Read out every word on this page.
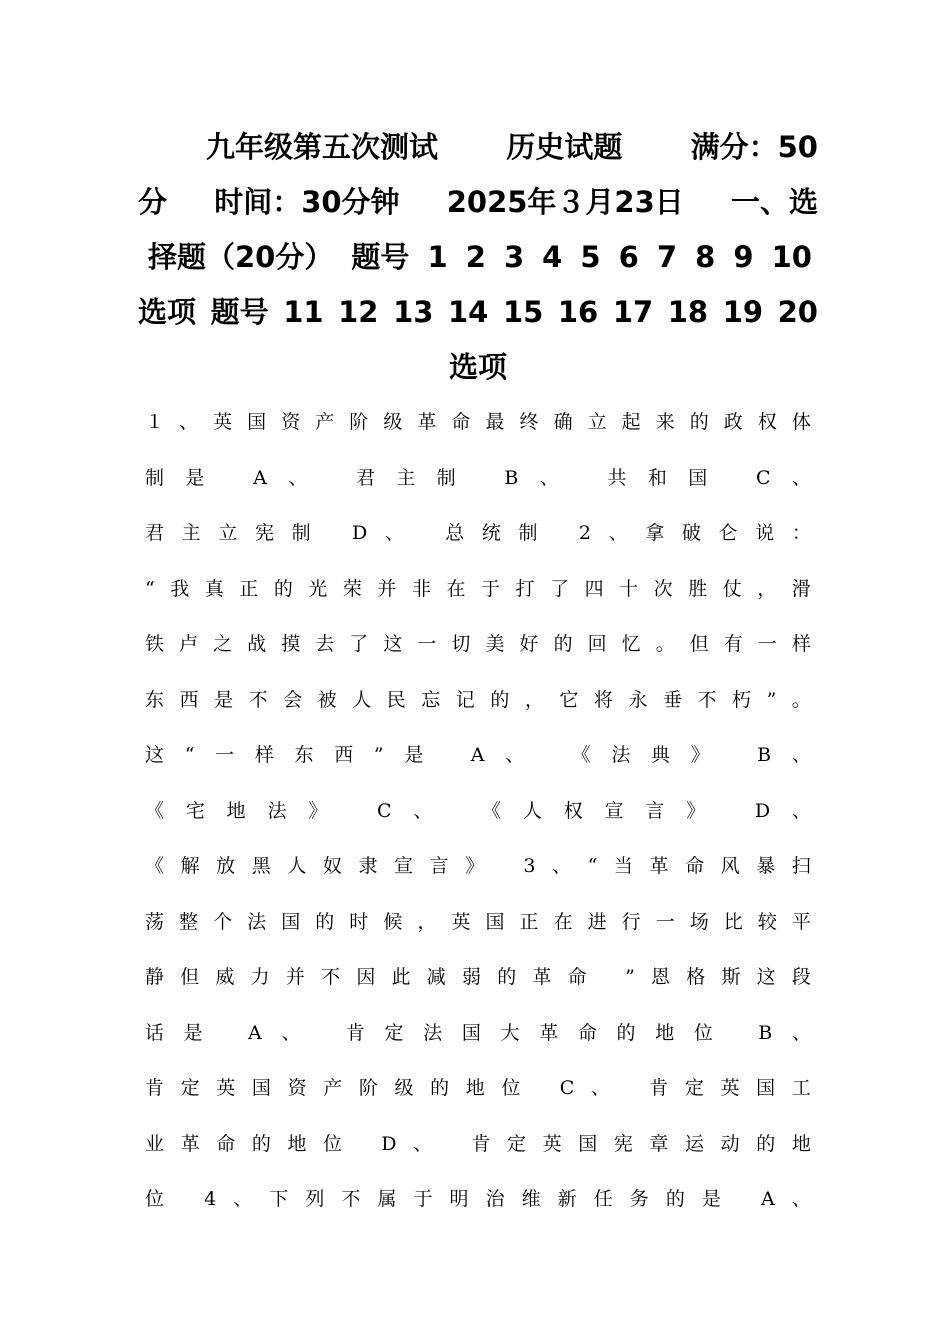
九年级第五次测试 历史试题 满分：50
分 时间：30分钟 2025年３月23日 一、选
择题（20分） 题号 1 2 3 4 5 6 7 8 9 10
选项 题号 11 12 13 14 15 16 17 18 19 20
选项
１ 、 英 国 资 产 阶 级 革 命 最 终 确 立 起 来 的 政 权 体
制 是
	A 、
	君 主 制
	B 、
	共 和 国
	C 、
君 主 立 宪 制
D 、
总 统 制
2 、 拿 破 仑 说 ：
“ 我 真 正 的 光 荣 并 非 在 于 打 了 四 十 次 胜 仗 ， 滑
铁 卢 之 战 摸 去 了 这 一 切 美 好 的 回 忆 。 但 有 一 样
东 西 是 不 会 被 人 民 忘 记 的 ， 它 将 永 垂 不 朽 ” 。
这 “ 一 样 东 西 ” 是
A 、
《 法 典 》
B 、
《 宅 地 法 》
	C 、
	《 人 权 宣 言 》
	D 、
《 解 放 黑 人 奴 隶 宣 言 》
3 、 “ 当 革 命 风 暴 扫
荡 整 个 法 国 的 时 候 ， 英 国 正 在 进 行 一 场 比 较 平
静 但 威 力 并 不 因 此 减 弱 的 革 命
” 恩 格 斯 这 段
话 是
A 、
肯 定 法 国 大 革 命 的 地 位
B 、
肯 定 英 国 资 产 阶 级 的 地 位
C 、
肯 定 英 国 工
业 革 命 的 地 位
D 、
肯 定 英 国 宪 章 运 动 的 地
位
4 、 下 列 不 属 于 明 治 维 新 任 务 的 是
A 、
